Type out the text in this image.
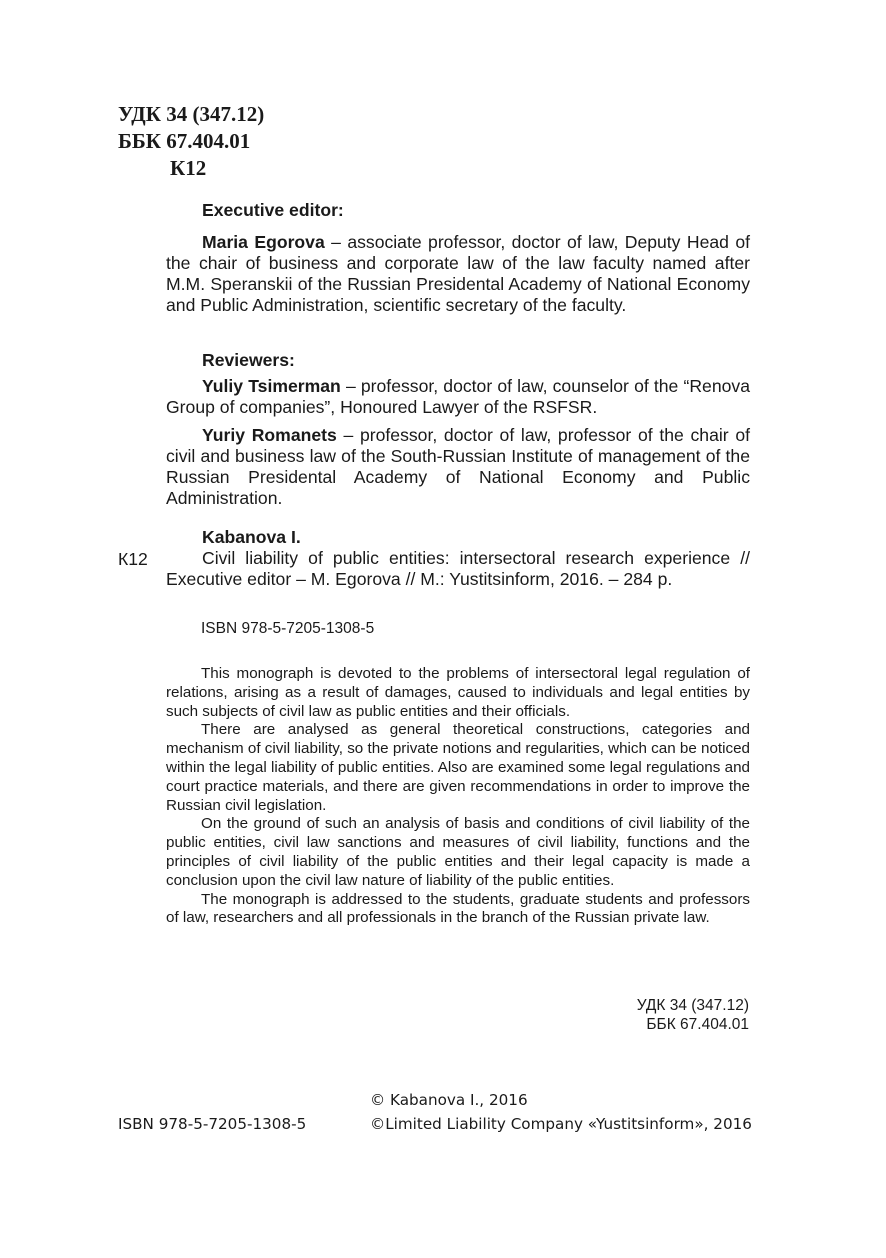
УДК 34 (347.12)
ББК 67.404.01
К12

Executive editor:

Maria Egorova – associate professor, doctor of law, Deputy Head of the chair of business and corporate law of the law faculty named after M.M. Speranskii of the Russian Presidental Academy of National Economy and Public Administration, scientific secretary of the faculty.

Reviewers:

Yuliy Tsimerman – professor, doctor of law, counselor of the “Renova Group of companies”, Honoured Lawyer of the RSFSR.

Yuriy Romanets – professor, doctor of law, professor of the chair of civil and business law of the South-Russian Institute of management of the Russian Presidental Academy of National Economy and Public Administration.

Kabanova I.

Civil liability of public entities: intersectoral research experience // Executive editor – M. Egorova // M.: Yustitsinform, 2016. – 284 p.

К12
ISBN 978-5-7205-1308-5

This monograph is devoted to the problems of intersectoral legal regulation of relations, arising as a result of damages, caused to individuals and legal entities by such subjects of civil law as public entities and their officials.

There are analysed as general theoretical constructions, categories and mechanism of civil liability, so the private notions and regularities, which can be noticed within the legal liability of public entities. Also are examined some legal regulations and court practice materials, and there are given recommendations in order to improve the Russian civil legislation.

On the ground of such an analysis of basis and conditions of civil liability of the public entities, civil law sanctions and measures of civil liability, functions and the principles of civil liability of the public entities and their legal capacity is made a conclusion upon the civil law nature of liability of the public entities.

The monograph is addressed to the students, graduate students and professors of law, researchers and all professionals in the branch of the Russian private law.

УДК 34 (347.12)
ББК 67.404.01
© Kabanova I., 2016
©Limited Liability Company «Yustitsinform», 2016
ISBN 978-5-7205-1308-5
